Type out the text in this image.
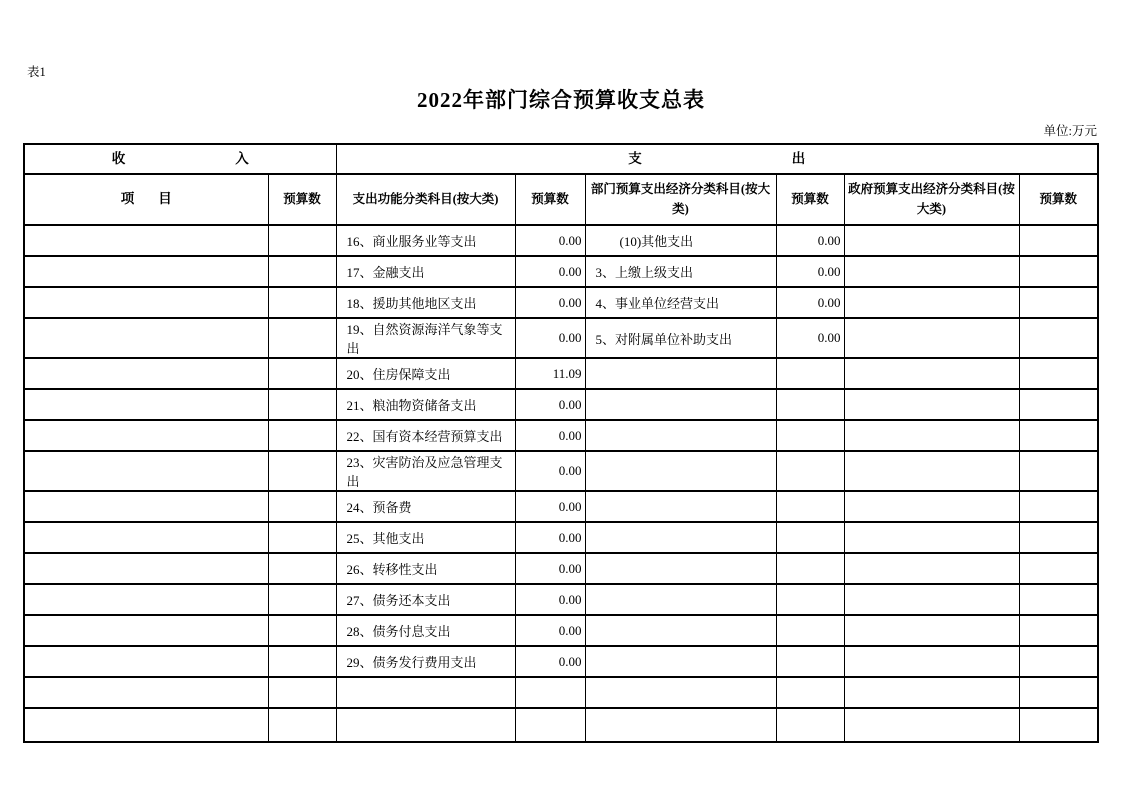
表1
2022年部门综合预算收支总表
单位:万元
收 入		支 出					

项 目	预算数	支出功能分类科目(按大类)	预算数	部门预算支出经济分类科目(按大类)	预算数	政府预算支出经济分类科目(按大类)	预算数
		16、商业服务业等支出	0.00	(10)其他支出	0.00		
		17、金融支出	0.00	3、上缴上级支出	0.00		
		18、援助其他地区支出	0.00	4、事业单位经营支出	0.00		
		19、自然资源海洋气象等支出	0.00	5、对附属单位补助支出	0.00		
		20、住房保障支出	11.09				
		21、粮油物资储备支出	0.00				
		22、国有资本经营预算支出	0.00				
		23、灾害防治及应急管理支出	0.00				
		24、预备费	0.00				
		25、其他支出	0.00				
		26、转移性支出	0.00				
		27、债务还本支出	0.00				
		28、债务付息支出	0.00				
		29、债务发行费用支出	0.00				
